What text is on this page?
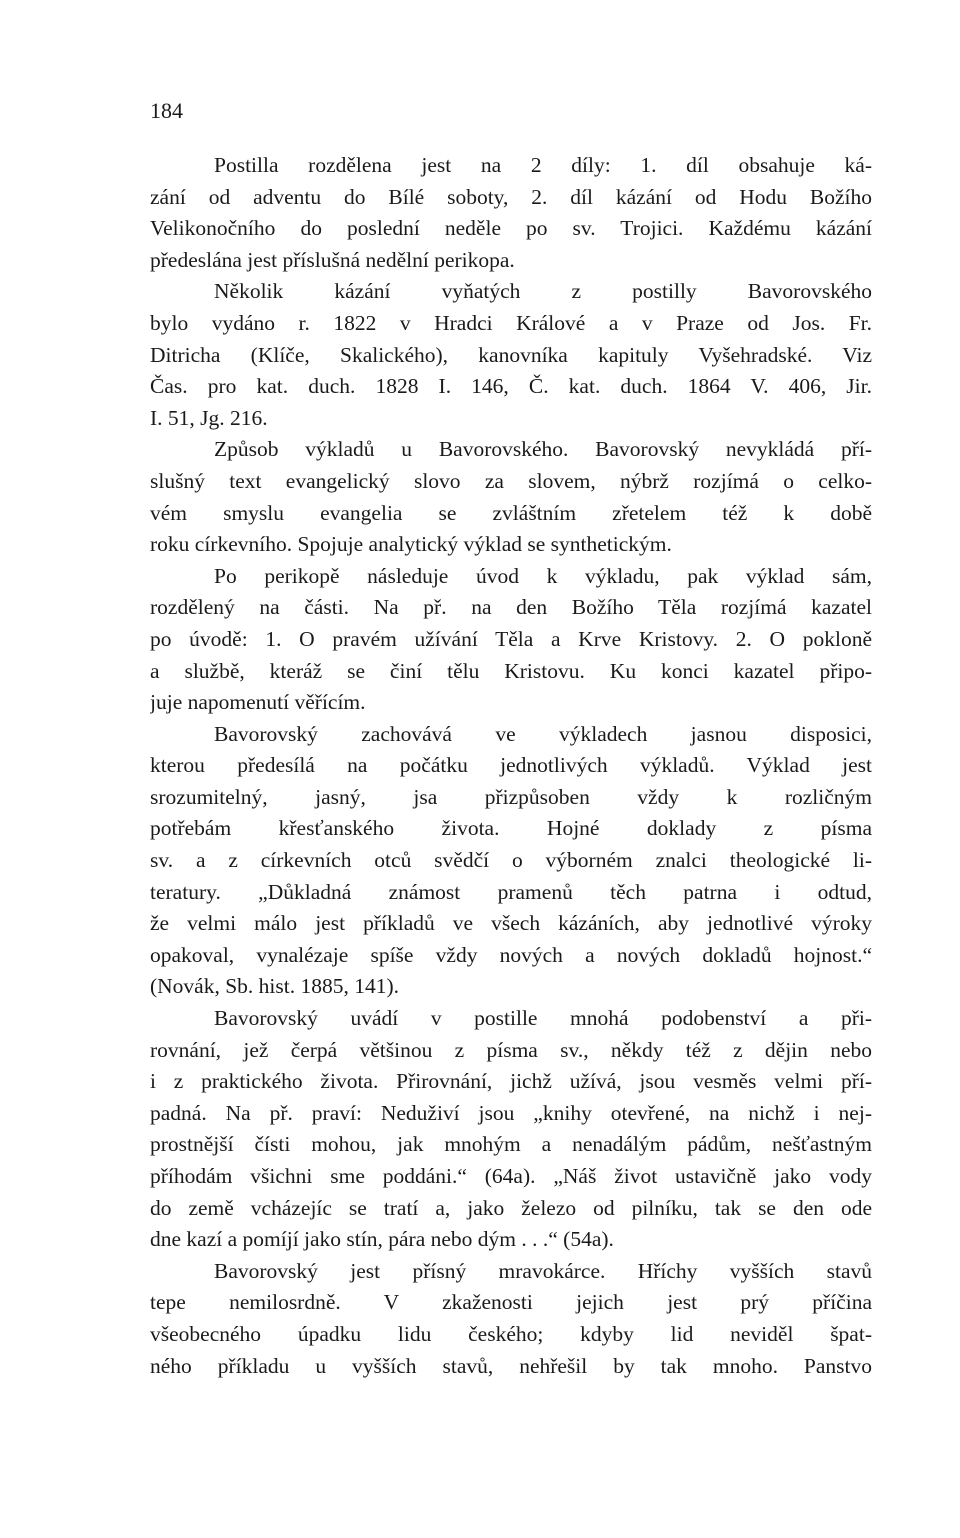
184
Postilla rozdělena jest na 2 díly: 1. díl obsahuje ká-
zání od adventu do Bílé soboty, 2. díl kázání od Hodu Božího
Velikonočního do poslední neděle po sv. Trojici. Každému kázání
předeslána jest příslušná nedělní perikopa.
Několik kázání vyňatých z postilly Bavorovského
bylo vydáno r. 1822 v Hradci Králové a v Praze od Jos. Fr.
Ditricha (Klíče, Skalického), kanovníka kapituly Vyšehradské. Viz
Čas. pro kat. duch. 1828 I. 146, Č. kat. duch. 1864 V. 406, Jir.
I. 51, Jg. 216.
Způsob výkladů u Bavorovského. Bavorovský nevykládá pří-
slušný text evangelický slovo za slovem, nýbrž rozjímá o celko-
vém smyslu evangelia se zvláštním zřetelem též k době
roku církevního. Spojuje analytický výklad se synthetickým.
Po perikopě následuje úvod k výkladu, pak výklad sám,
rozdělený na části. Na př. na den Božího Těla rozjímá kazatel
po úvodě: 1. O pravém užívání Těla a Krve Kristovy. 2. O pokloně
a službě, kteráž se činí tělu Kristovu. Ku konci kazatel připo-
juje napomenutí věřícím.
Bavorovský zachovává ve výkladech jasnou disposici,
kterou předesílá na počátku jednotlivých výkladů. Výklad jest
srozumitelný, jasný, jsa přizpůsoben vždy k rozličným
potřebám křesťanského života. Hojné doklady z písma
sv. a z církevních otců svědčí o výborném znalci theologické li-
teratury. „Důkladná známost pramenů těch patrna i odtud,
že velmi málo jest příkladů ve všech kázáních, aby jednotlivé výroky
opakoval, vynalézaje spíše vždy nových a nových dokladů hojnost.“
(Novák, Sb. hist. 1885, 141).
Bavorovský uvádí v postille mnohá podobenství a při-
rovnání, jež čerpá většinou z písma sv., někdy též z dějin nebo
i z praktického života. Přirovnání, jichž užívá, jsou vesměs velmi pří-
padná. Na př. praví: Neduživí jsou „knihy otevřené, na nichž i nej-
prostnější čísti mohou, jak mnohým a nenadálým pádům, nešťastným
příhodám všichni sme poddáni.“ (64a). „Náš život ustavičně jako vody
do země vcházejíc se tratí a, jako železo od pilníku, tak se den ode
dne kazí a pomíjí jako stín, pára nebo dým . . .“ (54a).
Bavorovský jest přísný mravokárce. Hříchy vyšších stavů
tepe nemilosrdně. V zkaženosti jejich jest prý příčina
všeobecného úpadku lidu českého; kdyby lid neviděl špat-
ného příkladu u vyšších stavů, nehřešil by tak mnoho. Panstvo
